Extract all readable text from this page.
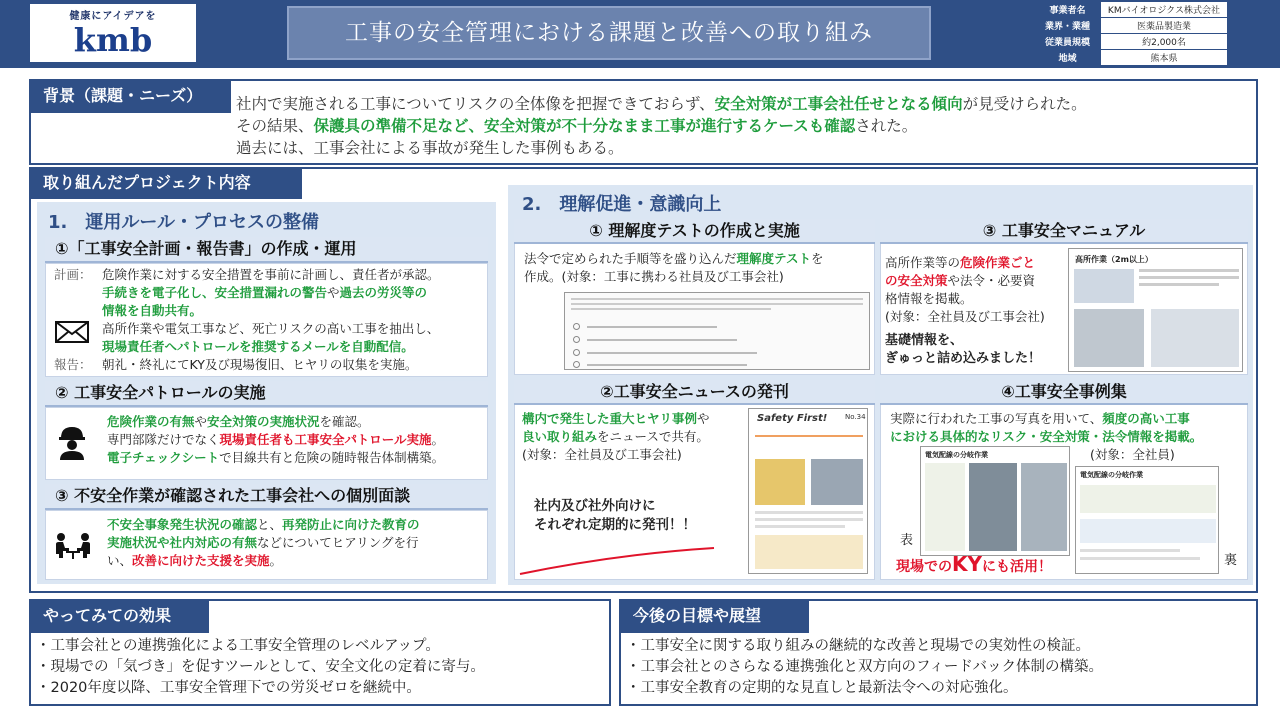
健康にアイデアを
kmb	工事の安全管理における課題と改善への取り組み
事業者名	KMバイオロジクス株式会社
業界・業種	医薬品製造業
従業員規模	約2,000名
地域	熊本県
背景（課題・ニーズ）	社内で実施される工事についてリスクの全体像を把握できておらず、安全対策が工事会社任せとなる傾向が見受けられた。
その結果、保護具の準備不足など、安全対策が不十分なまま工事が進行するケースも確認された。
過去には、工事会社による事故が発生した事例もある。
取り組んだプロジェクト内容
1.　運用ルール・プロセスの整備
①「工事安全計画・報告書」の作成・運用
計画： 危険作業に対する安全措置を事前に計画し、責任者が承認。
手続きを電子化し、安全措置漏れの警告や過去の労災等の
情報を自動共有。
高所作業や電気工事など、死亡リスクの高い工事を抽出し、
現場責任者へパトロールを推奨するメールを自動配信。
報告： 朝礼・終礼にてKY及び現場復旧、ヒヤリの収集を実施。
② 工事安全パトロールの実施
危険作業の有無や安全対策の実施状況を確認。
専門部隊だけでなく現場責任者も工事安全パトロール実施。
電子チェックシートで目線共有と危険の随時報告体制構築。
③ 不安全作業が確認された工事会社への個別面談
不安全事象発生状況の確認と、再発防止に向けた教育の
実施状況や社内対応の有無などについてヒアリングを行
い、改善に向けた支援を実施。
2.　理解促進・意識向上
① 理解度テストの作成と実施
法令で定められた手順等を盛り込んだ理解度テストを
作成。(対象：工事に携わる社員及び工事会社)
③ 工事安全マニュアル
高所作業等の危険作業ごと
の安全対策や法令・必要資
格情報を掲載。
(対象：全社員及び工事会社)
基礎情報を、
ぎゅっと詰め込みました！
高所作業（2m以上）
②工事安全ニュースの発刊
構内で発生した重大ヒヤリ事例や
良い取り組みをニュースで共有。
(対象：全社員及び工事会社)
社内及び社外向けに
それぞれ定期的に発刊！！
Safety First!	No.34
④工事安全事例集
実際に行われた工事の写真を用いて、頻度の高い工事
における具体的なリスク・安全対策・法令情報を掲載。
(対象：全社員)
電気配線の分岐作業
電気配線の分岐作業
表
裏
現場でのKYにも活用！
やってみての効果
・工事会社との連携強化による工事安全管理のレベルアップ。
・現場での「気づき」を促すツールとして、安全文化の定着に寄与。
・2020年度以降、工事安全管理下での労災ゼロを継続中。
今後の目標や展望
・工事安全に関する取り組みの継続的な改善と現場での実効性の検証。
・工事会社とのさらなる連携強化と双方向のフィードバック体制の構築。
・工事安全教育の定期的な見直しと最新法令への対応強化。
